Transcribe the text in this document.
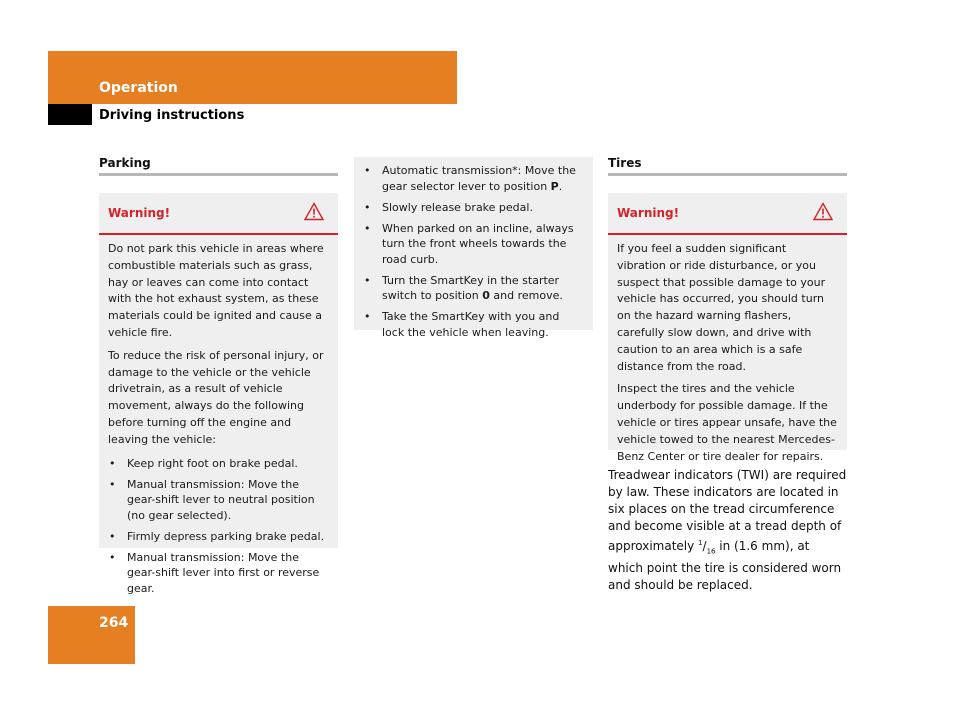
Operation
Driving instructions
Parking
Warning!

Do not park this vehicle in areas where combustible materials such as grass, hay or leaves can come into contact with the hot exhaust system, as these materials could be ignited and cause a vehicle fire.

To reduce the risk of personal injury, or damage to the vehicle or the vehicle drivetrain, as a result of vehicle movement, always do the following before turning off the engine and leaving the vehicle:

• Keep right foot on brake pedal.
• Manual transmission: Move the gear-shift lever to neutral position (no gear selected).
• Firmly depress parking brake pedal.
• Manual transmission: Move the gear-shift lever into first or reverse gear.
• Automatic transmission*: Move the gear selector lever to position P.
• Slowly release brake pedal.
• When parked on an incline, always turn the front wheels towards the road curb.
• Turn the SmartKey in the starter switch to position 0 and remove.
• Take the SmartKey with you and lock the vehicle when leaving.
Tires
Warning!

If you feel a sudden significant vibration or ride disturbance, or you suspect that possible damage to your vehicle has occurred, you should turn on the hazard warning flashers, carefully slow down, and drive with caution to an area which is a safe distance from the road.

Inspect the tires and the vehicle underbody for possible damage. If the vehicle or tires appear unsafe, have the vehicle towed to the nearest Mercedes-Benz Center or tire dealer for repairs.

Treadwear indicators (TWI) are required by law. These indicators are located in six places on the tread circumference and become visible at a tread depth of approximately $^1/_{16}$ in (1.6 mm), at which point the tire is considered worn and should be replaced.
264
